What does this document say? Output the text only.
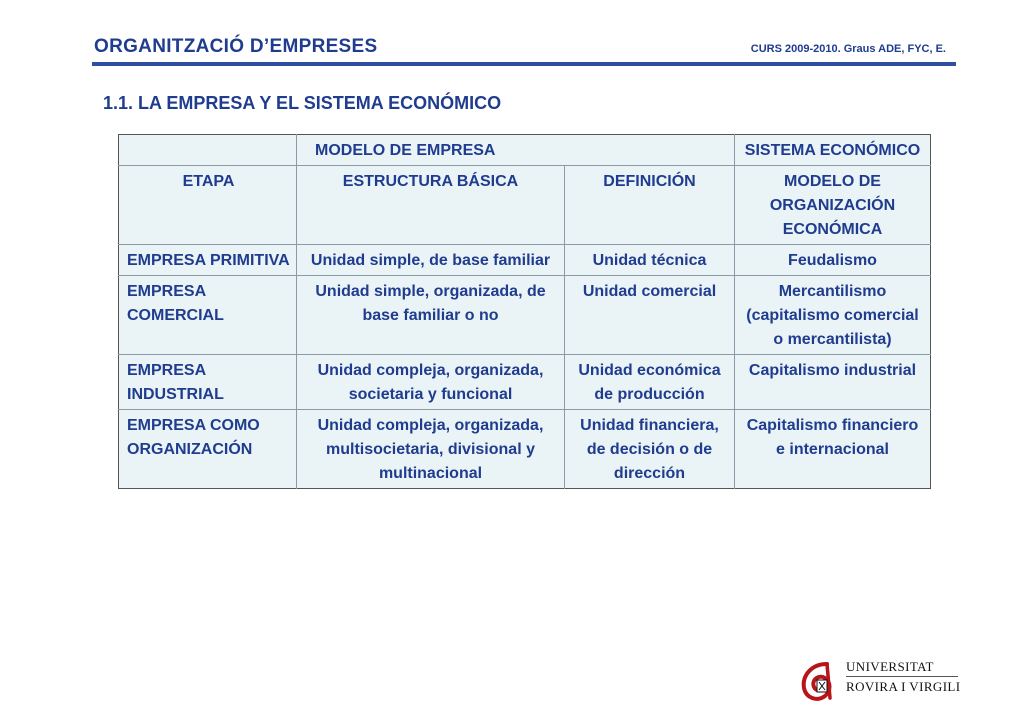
ORGANITZACIÓ D’EMPRESES	CURS 2009-2010. Graus ADE, FYC, E.
1.1. LA EMPRESA Y EL SISTEMA ECONÓMICO
	MODELO DE EMPRESA		SISTEMA ECONÓMICO
ETAPA	ESTRUCTURA BÁSICA	DEFINICIÓN	MODELO DE ORGANIZACIÓN ECONÓMICA
EMPRESA PRIMITIVA	Unidad simple, de base familiar	Unidad técnica	Feudalismo
EMPRESA COMERCIAL	Unidad simple, organizada, de base familiar o no	Unidad comercial	Mercantilismo (capitalismo comercial o mercantilista)
EMPRESA INDUSTRIAL	Unidad compleja, organizada, societaria y funcional	Unidad económica de producción	Capitalismo industrial
EMPRESA COMO ORGANIZACIÓN	Unidad compleja, organizada, multisocietaria, divisional y multinacional	Unidad financiera, de decisión o de dirección	Capitalismo financiero e internacional
UNIVERSITAT
ROVIRA I VIRGILI
